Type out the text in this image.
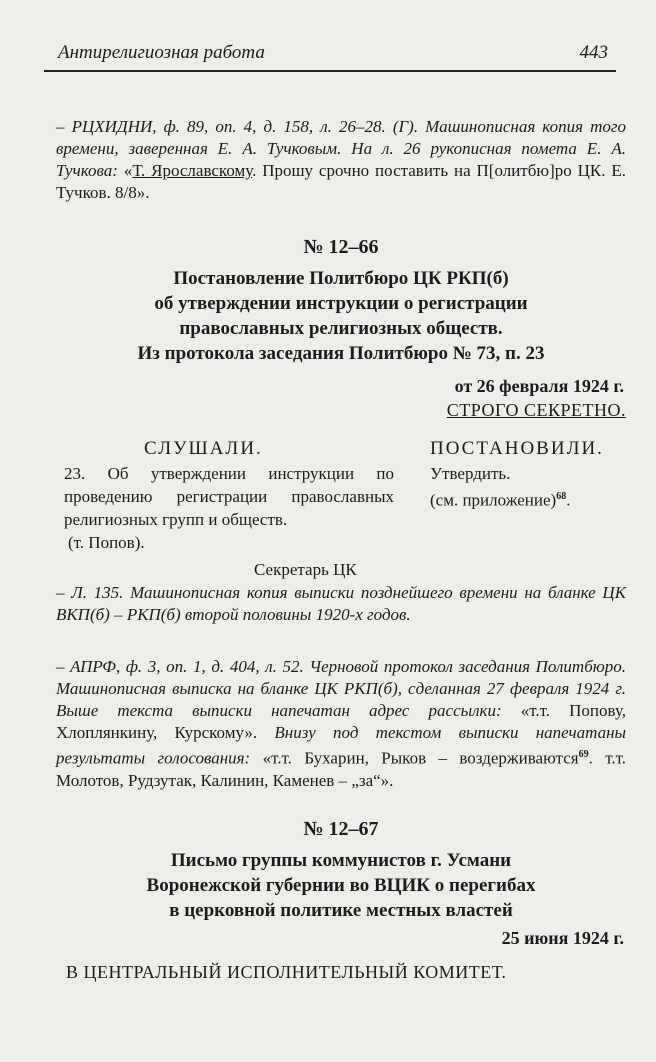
Антирелигиозная работа	443
– РЦХИДНИ, ф. 89, оп. 4, д. 158, л. 26–28. (Г). Машинописная копия того времени, заверенная Е. А. Тучковым. На л. 26 рукописная помета Е. А. Тучкова: «Т. Ярославскому. Прошу срочно поставить на П[олитбю]ро ЦК. Е. Тучков. 8/8».
№ 12–66
Постановление Политбюро ЦК РКП(б)
об утверждении инструкции о регистрации
православных религиозных обществ.
Из протокола заседания Политбюро № 73, п. 23
от 26 февраля 1924 г.
СТРОГО СЕКРЕТНО.
СЛУШАЛИ.	ПОСТАНОВИЛИ.
23. Об утверждении инструкции по проведению регистрации православных религиозных групп и обществ.
(т. Попов).
Утвердить.
(см. приложение)$^{68}$.
Секретарь ЦК
– Л. 135. Машинописная копия выписки позднейшего времени на бланке ЦК ВКП(б) – РКП(б) второй половины 1920-х годов.
– АПРФ, ф. 3, оп. 1, д. 404, л. 52. Черновой протокол заседания Политбюро. Машинописная выписка на бланке ЦК РКП(б), сделанная 27 февраля 1924 г. Выше текста выписки напечатан адрес рассылки: «т.т. Попову, Хлоплянкину, Курскому». Внизу под текстом выписки напечатаны результаты голосования: «т.т. Бухарин, Рыков – воздерживаются$^{69}$. т.т. Молотов, Рудзутак, Калинин, Каменев – „за“».
№ 12–67
Письмо группы коммунистов г. Усмани
Воронежской губернии во ВЦИК о перегибах
в церковной политике местных властей
25 июня 1924 г.
В ЦЕНТРАЛЬНЫЙ ИСПОЛНИТЕЛЬНЫЙ КОМИТЕТ.
